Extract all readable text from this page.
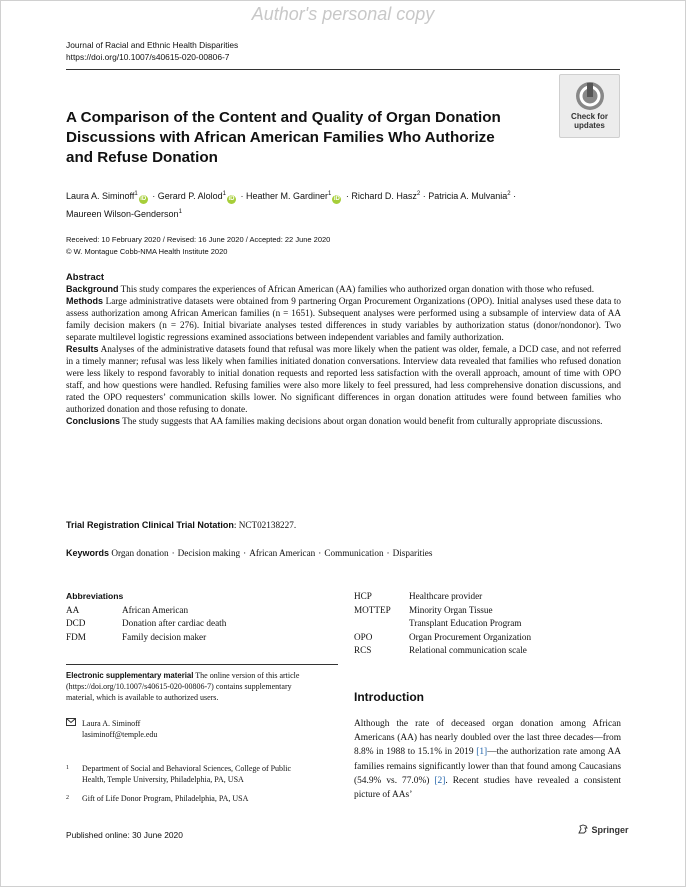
Author's personal copy
Journal of Racial and Ethnic Health Disparities
https://doi.org/10.1007/s40615-020-00806-7
A Comparison of the Content and Quality of Organ Donation
Discussions with African American Families Who Authorize
and Refuse Donation
Check for
updates
Laura A. Siminoff$^1$iD · Gerard P. Alolod$^1$iD · Heather M. Gardiner$^1$iD · Richard D. Hasz$^2$ · Patricia A. Mulvania$^2$ ·
Maureen Wilson-Genderson$^1$
Received: 10 February 2020 / Revised: 16 June 2020 / Accepted: 22 June 2020
© W. Montague Cobb-NMA Health Institute 2020
Abstract

Background This study compares the experiences of African American (AA) families who authorized organ donation with those who refused.

Methods Large administrative datasets were obtained from 9 partnering Organ Procurement Organizations (OPO). Initial analyses used these data to assess authorization among African American families (n = 1651). Subsequent analyses were performed using a subsample of interview data of AA family decision makers (n = 276). Initial bivariate analyses tested differences in study variables by authorization status (donor/nondonor). Two separate multilevel logistic regressions examined associations between independent variables and family authorization.

Results Analyses of the administrative datasets found that refusal was more likely when the patient was older, female, a DCD case, and not referred in a timely manner; refusal was less likely when families initiated donation conversations. Interview data revealed that families who refused donation were less likely to respond favorably to initial donation requests and reported less satisfaction with the overall approach, amount of time with OPO staff, and how questions were handled. Refusing families were also more likely to feel pressured, had less comprehensive donation discussions, and rated the OPO requesters’ communication skills lower. No significant differences in organ donation attitudes were found between families who authorized donation and those refusing to donate.

Conclusions The study suggests that AA families making decisions about organ donation would benefit from culturally appropriate discussions.

Trial Registration Clinical Trial Notation: NCT02138227.
Keywords Organ donation · Decision making · African American · Communication · Disparities
Abbreviations
AA	African American
DCD	Donation after cardiac death
FDM	Family decision maker
HCP	Healthcare provider
MOTTEP	Minority Organ Tissue
	Transplant Education Program
OPO	Organ Procurement Organization
RCS	Relational communication scale
Electronic supplementary material The online version of this article
(https://doi.org/10.1007/s40615-020-00806-7) contains supplementary
material, which is available to authorized users.

Laura A. Siminoff
lasiminoff@temple.edu
$^1$	Department of Social and Behavioral Sciences, College of Public
Health, Temple University, Philadelphia, PA, USA
$^2$	Gift of Life Donor Program, Philadelphia, PA, USA
Published online: 30 June 2020
Introduction
Although the rate of deceased organ donation among African Americans (AA) has nearly doubled over the last three decades—from 8.8% in 1988 to 15.1% in 2019 [1]—the authorization rate among AA families remains significantly lower than that found among Caucasians (54.9% vs. 77.0%) [2]. Recent studies have revealed a consistent picture of AAs’
Springer
